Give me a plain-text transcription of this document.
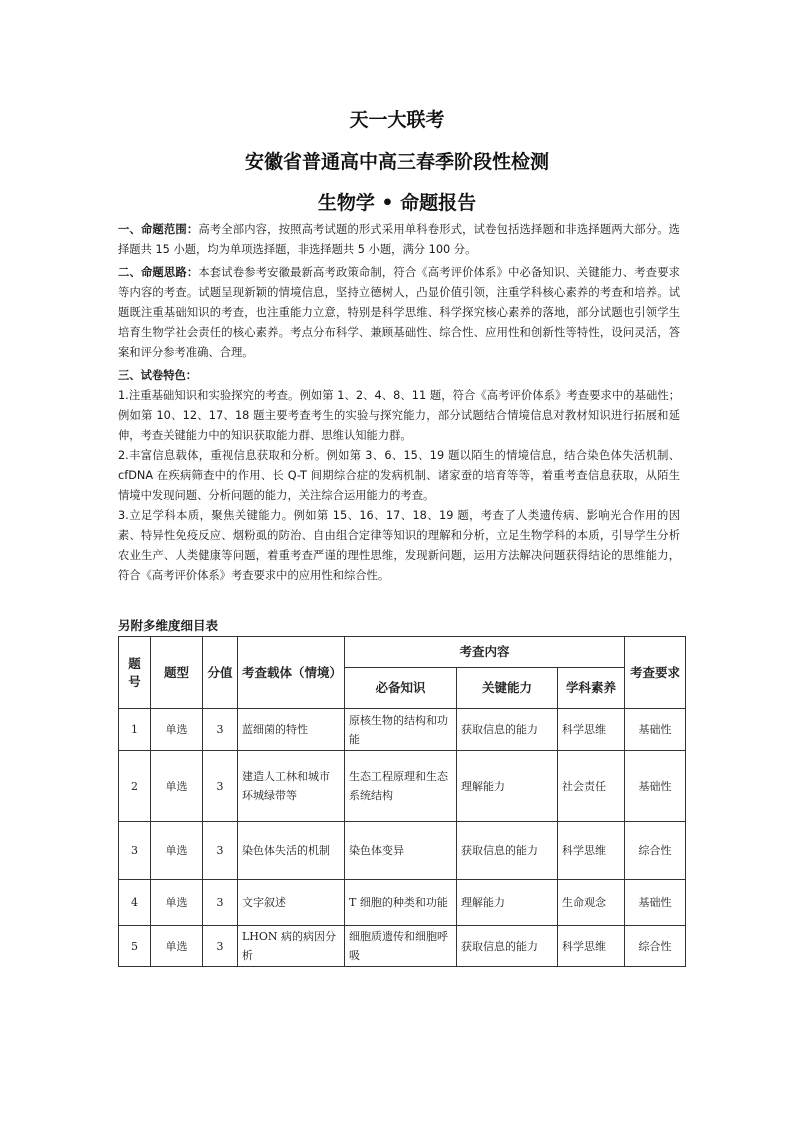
天一大联考
安徽省普通高中高三春季阶段性检测
生物学 • 命题报告

一、命题范围：高考全部内容，按照高考试题的形式采用单科卷形式，试卷包括选择题和非选择题两大部分。选择题共 15 小题，均为单项选择题，非选择题共 5 小题，满分 100 分。

二、命题思路：本套试卷参考安徽最新高考政策命制，符合《高考评价体系》中必备知识、关键能力、考查要求等内容的考查。试题呈现新颖的情境信息，坚持立德树人，凸显价值引领，注重学科核心素养的考查和培养。试题既注重基础知识的考查，也注重能力立意，特别是科学思维、科学探究核心素养的落地，部分试题也引领学生培育生物学社会责任的核心素养。考点分布科学、兼顾基础性、综合性、应用性和创新性等特性，设问灵活，答案和评分参考准确、合理。

三、试卷特色：

1.注重基础知识和实验探究的考查。例如第 1、2、4、8、11 题，符合《高考评价体系》考查要求中的基础性；例如第 10、12、17、18 题主要考查考生的实验与探究能力，部分试题结合情境信息对教材知识进行拓展和延伸，考查关键能力中的知识获取能力群、思维认知能力群。

2.丰富信息载体，重视信息获取和分析。例如第 3、6、15、19 题以陌生的情境信息，结合染色体失活机制、cfDNA 在疾病筛查中的作用、长 Q-T 间期综合症的发病机制、诸家蚕的培育等等，着重考查信息获取，从陌生情境中发现问题、分析问题的能力，关注综合运用能力的考查。

3.立足学科本质，聚焦关键能力。例如第 15、16、17、18、19 题，考查了人类遗传病、影响光合作用的因素、特异性免疫反应、烟粉虱的防治、自由组合定律等知识的理解和分析，立足生物学科的本质，引导学生分析农业生产、人类健康等问题，着重考查严谨的理性思维，发现新问题，运用方法解决问题获得结论的思维能力，符合《高考评价体系》考查要求中的应用性和综合性。

另附多维度细目表
题号	题型	分值	考查载体（情境）	考查内容			考查要求
				必备知识	关键能力	学科素养	
1	单选	3	蓝细菌的特性	原核生物的结构和功能	获取信息的能力	科学思维	基础性
2	单选	3	建造人工林和城市环城绿带等	生态工程原理和生态系统结构	理解能力	社会责任	基础性
3	单选	3	染色体失活的机制	染色体变异	获取信息的能力	科学思维	综合性
4	单选	3	文字叙述	T 细胞的种类和功能	理解能力	生命观念	基础性
5	单选	3	LHON 病的病因分析	细胞质遗传和细胞呼吸	获取信息的能力	科学思维	综合性
